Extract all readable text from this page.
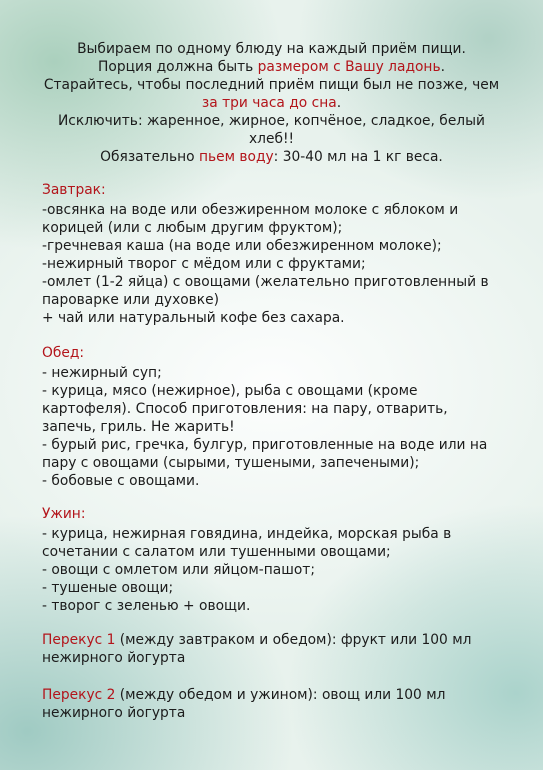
Выбираем по одному блюду на каждый приём пищи.

Порция должна быть размером с Вашу ладонь.

Старайтесь, чтобы последний приём пищи был не позже, чем

за три часа до сна.

Исключить: жаренное, жирное, копчёное, сладкое, белый

хлеб!!

Обязательно пьем воду: 30-40 мл на 1 кг веса.

Завтрак:

-овсянка на воде или обезжиренном молоке с яблоком и

корицей (или с любым другим фруктом);

-гречневая каша (на воде или обезжиренном молоке);

-нежирный творог с мёдом или с фруктами;

-омлет (1-2 яйца) с овощами (желательно приготовленный в

пароварке или духовке)

+ чай или натуральный кофе без сахара.

Обед:

- нежирный суп;

- курица, мясо (нежирное), рыба с овощами (кроме

картофеля). Способ приготовления: на пару, отварить,

запечь, гриль. Не жарить!

- бурый рис, гречка, булгур, приготовленные на воде или на

пару с овощами (сырыми, тушеными, запечеными);

- бобовые с овощами.

Ужин:

- курица, нежирная говядина, индейка, морская рыба в

сочетании с салатом или тушенными овощами;

- овощи с омлетом или яйцом-пашот;

- тушеные овощи;

- творог с зеленью + овощи.

Перекус 1 (между завтраком и обедом): фрукт или 100 мл

нежирного йогурта

Перекус 2 (между обедом и ужином): овощ или 100 мл

нежирного йогурта
